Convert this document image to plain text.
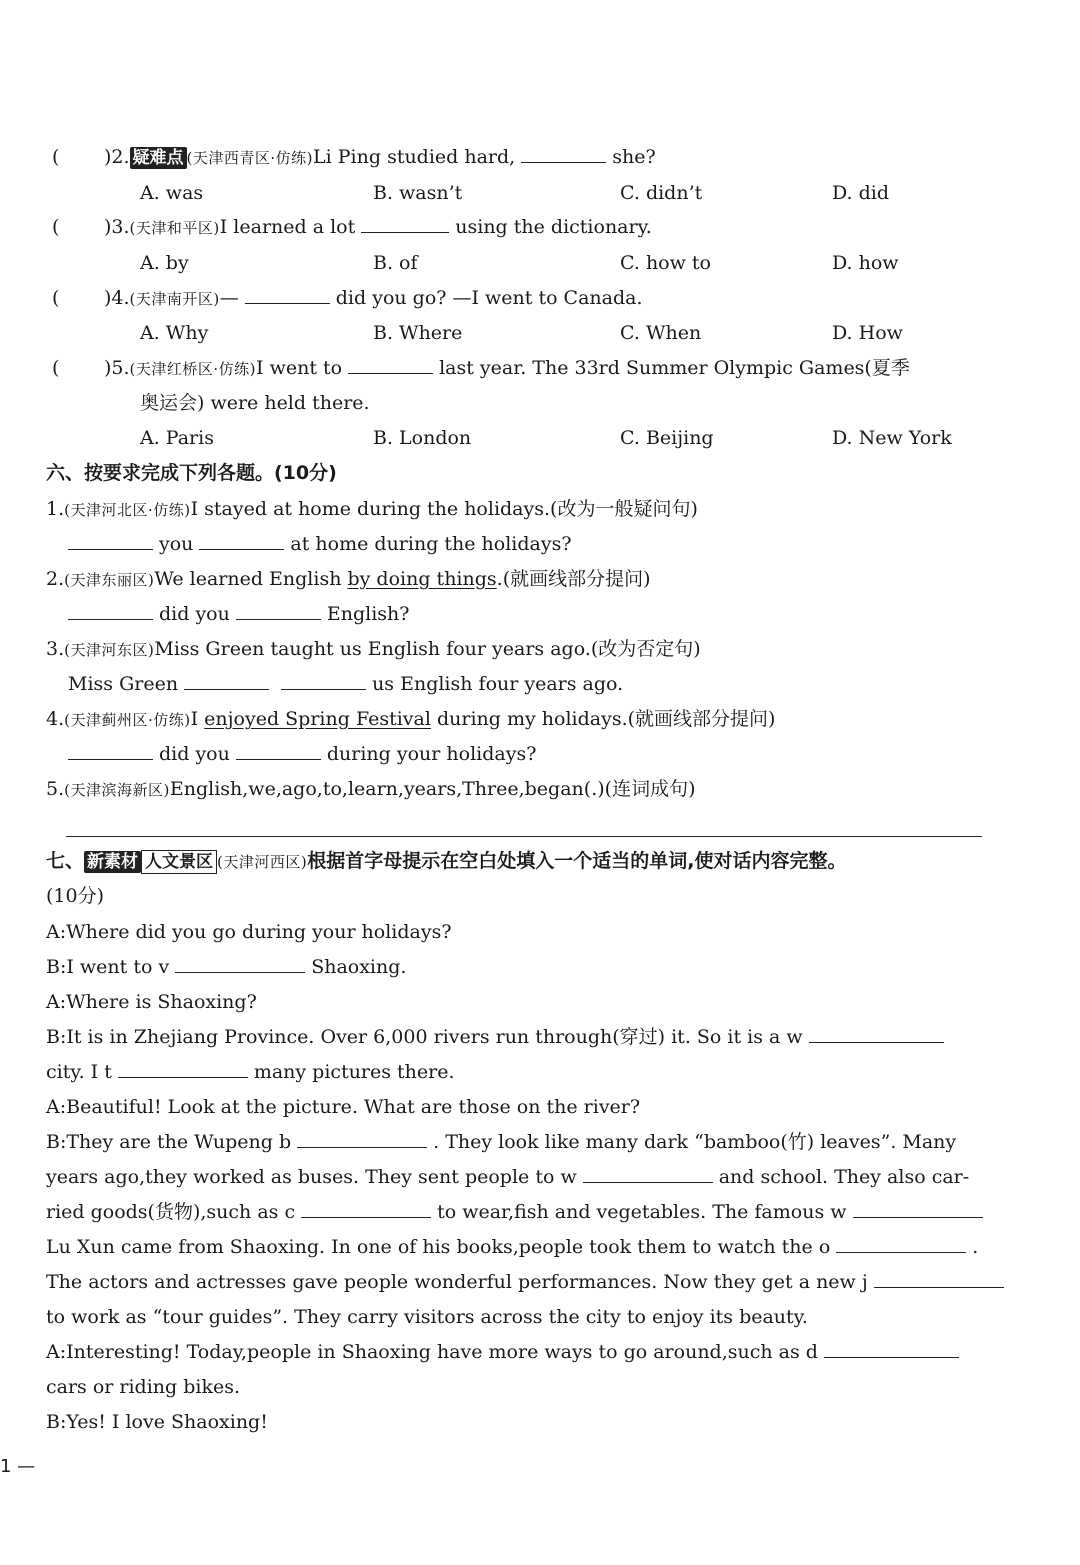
( )2. 疑难点 (天津西青区·仿练)Li Ping studied hard,	she?
A. was	B. wasn’t	C. didn’t	D. did
( )3.(天津和平区)I learned a lot	using the dictionary.
A. by	B. of	C. how to	D. how
( )4.(天津南开区)—	did you go? —I went to Canada.
A. Why	B. Where	C. When	D. How
( )5.(天津红桥区·仿练)I went to	last year. The 33rd Summer Olympic Games(夏季
奥运会) were held there.
A. Paris	B. London	C. Beijing	D. New York
六、按要求完成下列各题。(10分)
1.(天津河北区·仿练)I stayed at home during the holidays.(改为一般疑问句)
you	at home during the holidays?
2.(天津东丽区)We learned English by doing things.(就画线部分提问)
did you	English?
3.(天津河东区)Miss Green taught us English four years ago.(改为否定句)
Miss Green	us English four years ago.
4.(天津蓟州区·仿练)I enjoyed Spring Festival during my holidays.(就画线部分提问)
did you	during your holidays?
5.(天津滨海新区)English,we,ago,to,learn,years,Three,began(.)(连词成句)
七、 新素材 人文景区 (天津河西区)根据首字母提示在空白处填入一个适当的单词,使对话内容完整。
(10分)
A:Where did you go during your holidays?
B:I went to v	Shaoxing.
A:Where is Shaoxing?
B:It is in Zhejiang Province. Over 6,000 rivers run through(穿过) it. So it is a w
city. I t	many pictures there.
A:Beautiful! Look at the picture. What are those on the river?
B:They are the Wupeng b	. They look like many dark “bamboo(竹) leaves”. Many
years ago,they worked as buses. They sent people to w	and school. They also car-
ried goods(货物),such as c	to wear,fish and vegetables. The famous w
Lu Xun came from Shaoxing. In one of his books,people took them to watch the o	.
The actors and actresses gave people wonderful performances. Now they get a new j
to work as “tour guides”. They carry visitors across the city to enjoy its beauty.
A:Interesting! Today,people in Shaoxing have more ways to go around,such as d
cars or riding bikes.
B:Yes! I love Shaoxing!
1 —
